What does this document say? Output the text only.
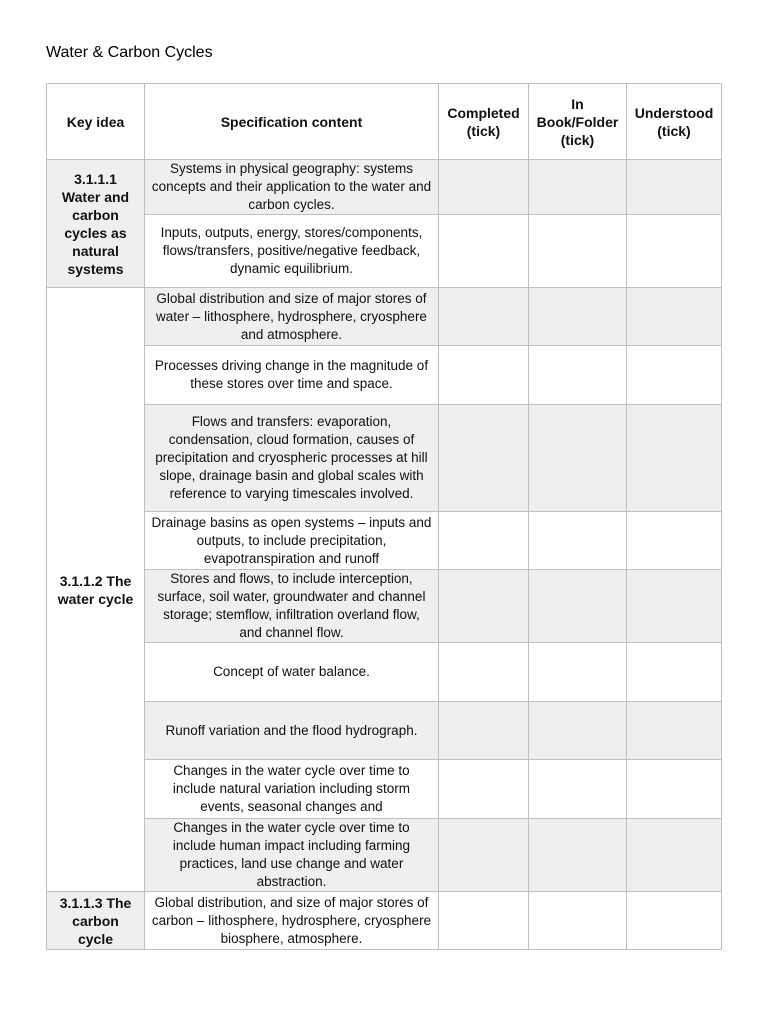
Water & Carbon Cycles
Key idea	Specification content	Completed (tick)	In Book/Folder (tick)	Understood (tick)
3.1.1.1 Water and carbon cycles as natural systems	Systems in physical geography: systems concepts and their application to the water and carbon cycles.			
	Inputs, outputs, energy, stores/components, flows/transfers, positive/negative feedback, dynamic equilibrium.			
3.1.1.2 The water cycle	Global distribution and size of major stores of water – lithosphere, hydrosphere, cryosphere and atmosphere.			
	Processes driving change in the magnitude of these stores over time and space.			
	Flows and transfers: evaporation, condensation, cloud formation, causes of precipitation and cryospheric processes at hill slope, drainage basin and global scales with reference to varying timescales involved.			
	Drainage basins as open systems – inputs and outputs, to include precipitation, evapotranspiration and runoff			
	Stores and flows, to include interception, surface, soil water, groundwater and channel storage; stemflow, infiltration overland flow, and channel flow.			
	Concept of water balance.			
	Runoff variation and the flood hydrograph.			
	Changes in the water cycle over time to include natural variation including storm events, seasonal changes and			
	Changes in the water cycle over time to include human impact including farming practices, land use change and water abstraction.			
3.1.1.3 The carbon cycle	Global distribution, and size of major stores of carbon – lithosphere, hydrosphere, cryosphere biosphere, atmosphere.			
